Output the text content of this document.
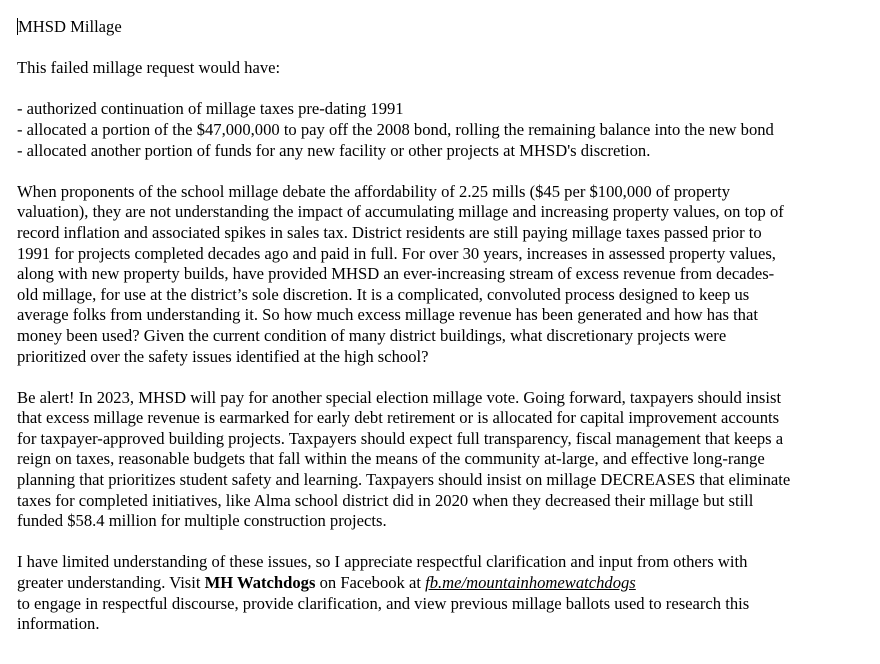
MHSD Millage
This failed millage request would have:
- authorized continuation of millage taxes pre-dating 1991
- allocated a portion of the $47,000,000 to pay off the 2008 bond, rolling the remaining balance into the new bond
- allocated another portion of funds for any new facility or other projects at MHSD's discretion.
When proponents of the school millage debate the affordability of 2.25 mills ($45 per $100,000 of property
valuation), they are not understanding the impact of accumulating millage and increasing property values, on top of
record inflation and associated spikes in sales tax. District residents are still paying millage taxes passed prior to
1991 for projects completed decades ago and paid in full. For over 30 years, increases in assessed property values,
along with new property builds, have provided MHSD an ever-increasing stream of excess revenue from decades-
old millage, for use at the district’s sole discretion. It is a complicated, convoluted process designed to keep us
average folks from understanding it. So how much excess millage revenue has been generated and how has that
money been used? Given the current condition of many district buildings, what discretionary projects were
prioritized over the safety issues identified at the high school?
Be alert! In 2023, MHSD will pay for another special election millage vote. Going forward, taxpayers should insist
that excess millage revenue is earmarked for early debt retirement or is allocated for capital improvement accounts
for taxpayer-approved building projects. Taxpayers should expect full transparency, fiscal management that keeps a
reign on taxes, reasonable budgets that fall within the means of the community at-large, and effective long-range
planning that prioritizes student safety and learning. Taxpayers should insist on millage DECREASES that eliminate
taxes for completed initiatives, like Alma school district did in 2020 when they decreased their millage but still
funded $58.4 million for multiple construction projects.
I have limited understanding of these issues, so I appreciate respectful clarification and input from others with
greater understanding. Visit MH Watchdogs on Facebook at fb.me/mountainhomewatchdogs
to engage in respectful discourse, provide clarification, and view previous millage ballots used to research this
information.
